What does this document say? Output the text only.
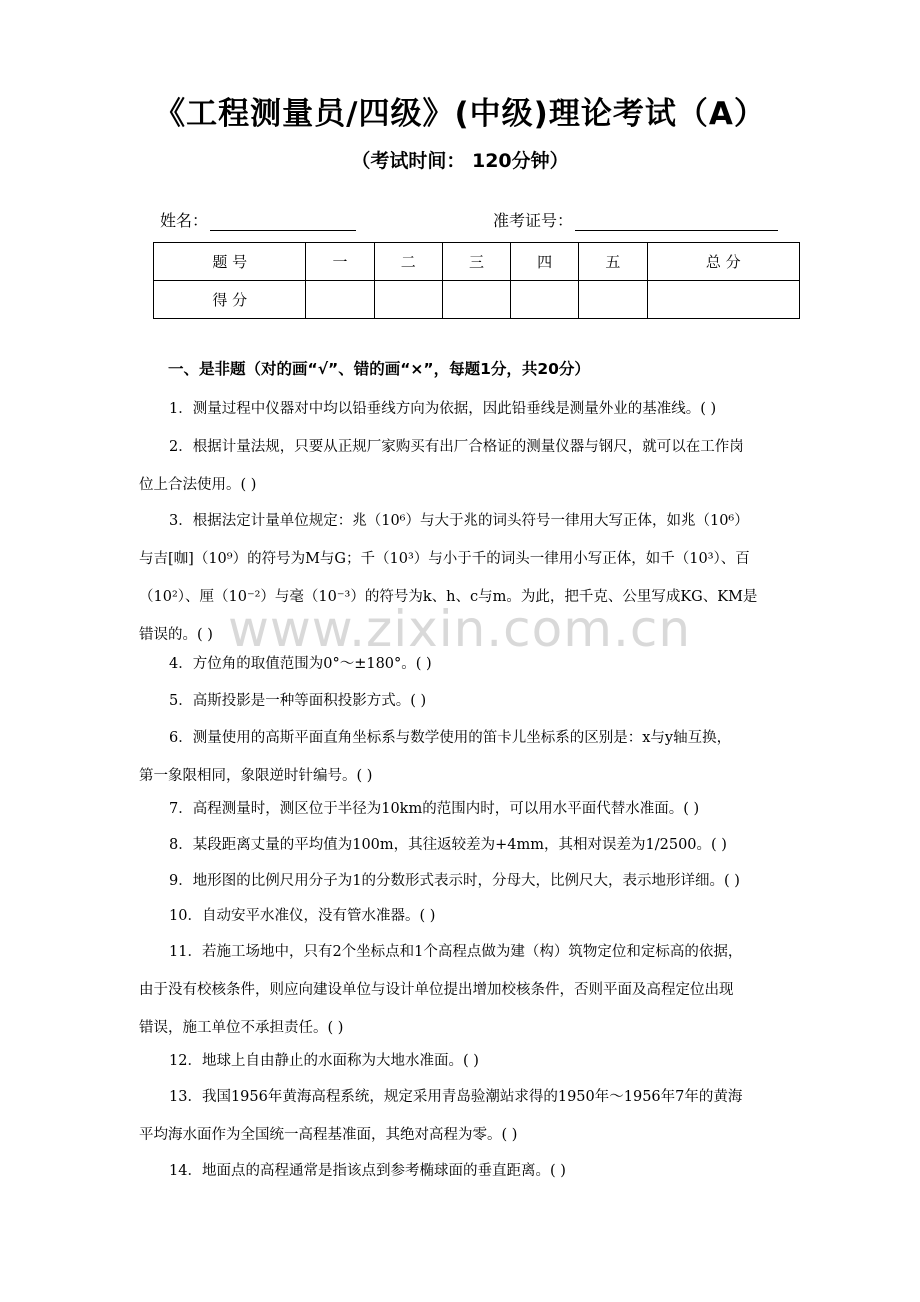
《工程测量员/四级》(中级)理论考试（A）
（考试时间： 120分钟）
姓名：	准考证号：
题 号	一	二	三	四	五	总 分
得 分						
一、是非题（对的画“√”、错的画“×”，每题1分，共20分）
1．测量过程中仪器对中均以铅垂线方向为依据，因此铅垂线是测量外业的基准线。( )
2．根据计量法规，只要从正规厂家购买有出厂合格证的测量仪器与钢尺，就可以在工作岗
位上合法使用。( )
3．根据法定计量单位规定：兆（10⁶）与大于兆的词头符号一律用大写正体，如兆（10⁶）
与吉[咖]（10⁹）的符号为M与G；千（10³）与小于千的词头一律用小写正体，如千（10³）、百
（10²）、厘（10⁻²）与毫（10⁻³）的符号为k、h、c与m。为此，把千克、公里写成KG、KM是
错误的。( )
4．方位角的取值范围为0°～±180°。( )
5．高斯投影是一种等面积投影方式。( )
6．测量使用的高斯平面直角坐标系与数学使用的笛卡儿坐标系的区别是：x与y轴互换，
第一象限相同，象限逆时针编号。( )
7．高程测量时，测区位于半径为10km的范围内时，可以用水平面代替水准面。( )
8．某段距离丈量的平均值为100m，其往返较差为+4mm，其相对误差为1/2500。( )
9．地形图的比例尺用分子为1的分数形式表示时，分母大，比例尺大，表示地形详细。( )
10．自动安平水准仪，没有管水准器。( )
11．若施工场地中，只有2个坐标点和1个高程点做为建（构）筑物定位和定标高的依据，
由于没有校核条件，则应向建设单位与设计单位提出增加校核条件，否则平面及高程定位出现
错误，施工单位不承担责任。( )
12．地球上自由静止的水面称为大地水准面。( )
13．我国1956年黄海高程系统，规定采用青岛验潮站求得的1950年～1956年7年的黄海
平均海水面作为全国统一高程基准面，其绝对高程为零。( )
14．地面点的高程通常是指该点到参考椭球面的垂直距离。( )
www.zixin.com.cn
